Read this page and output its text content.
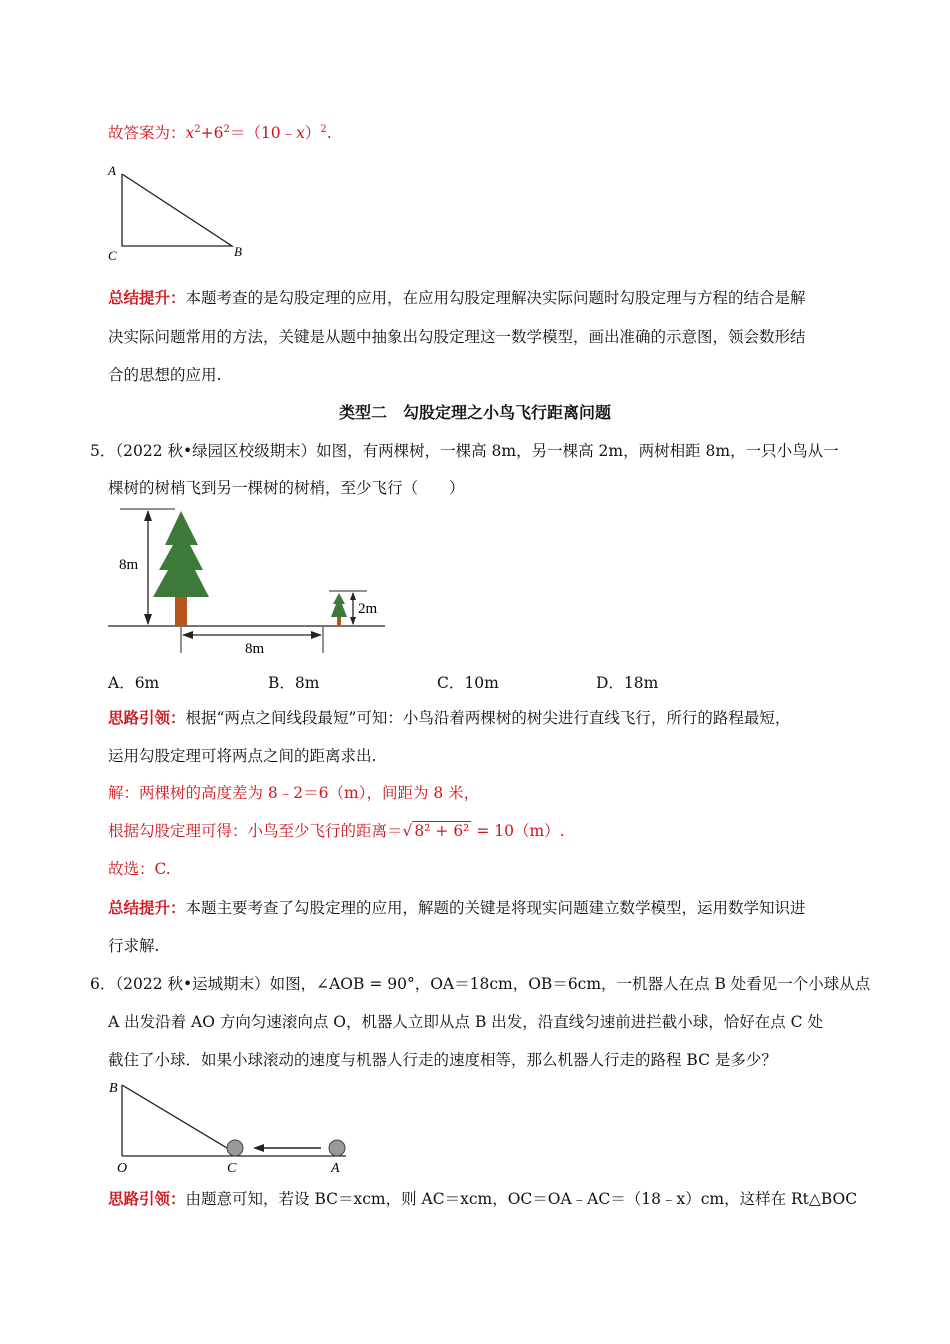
故答案为：$x^2+6^2=(10﹣x)^2$.
A
C	B
总结提升：本题考查的是勾股定理的应用，在应用勾股定理解决实际问题时勾股定理与方程的结合是解
决实际问题常用的方法，关键是从题中抽象出勾股定理这一数学模型，画出准确的示意图，领会数形结
合的思想的应用.
类型二　勾股定理之小鸟飞行距离问题
5．（2022 秋•绿园区校级期末）如图，有两棵树，一棵高 8m，另一棵高 2m，两树相距 8m，一只小鸟从一
棵树的树梢飞到另一棵树的树梢，至少飞行（　　）
8m
8m
2m
A．6m	B．8m	C．10m	D．18m
思路引领：根据“两点之间线段最短”可知：小鸟沿着两棵树的树尖进行直线飞行，所行的路程最短，
运用勾股定理可将两点之间的距离求出.
解：两棵树的高度差为 8﹣2＝6（m），间距为 8 米，
根据勾股定理可得：小鸟至少飞行的距离＝√ 8² + 6² = 10（m）.
故选：C.
总结提升：本题主要考查了勾股定理的应用，解题的关键是将现实问题建立数学模型，运用数学知识进
行求解.
6．（2022 秋•运城期末）如图，∠AOB = 90°，OA＝18cm，OB＝6cm，一机器人在点 B 处看见一个小球从点
A 出发沿着 AO 方向匀速滚向点 O，机器人立即从点 B 出发，沿直线匀速前进拦截小球，恰好在点 C 处
截住了小球．如果小球滚动的速度与机器人行走的速度相等，那么机器人行走的路程 BC 是多少？
B
O	C	A
思路引领：由题意可知，若设 BC＝xcm，则 AC＝xcm，OC＝OA﹣AC＝（18﹣x）cm，这样在 Rt△BOC
